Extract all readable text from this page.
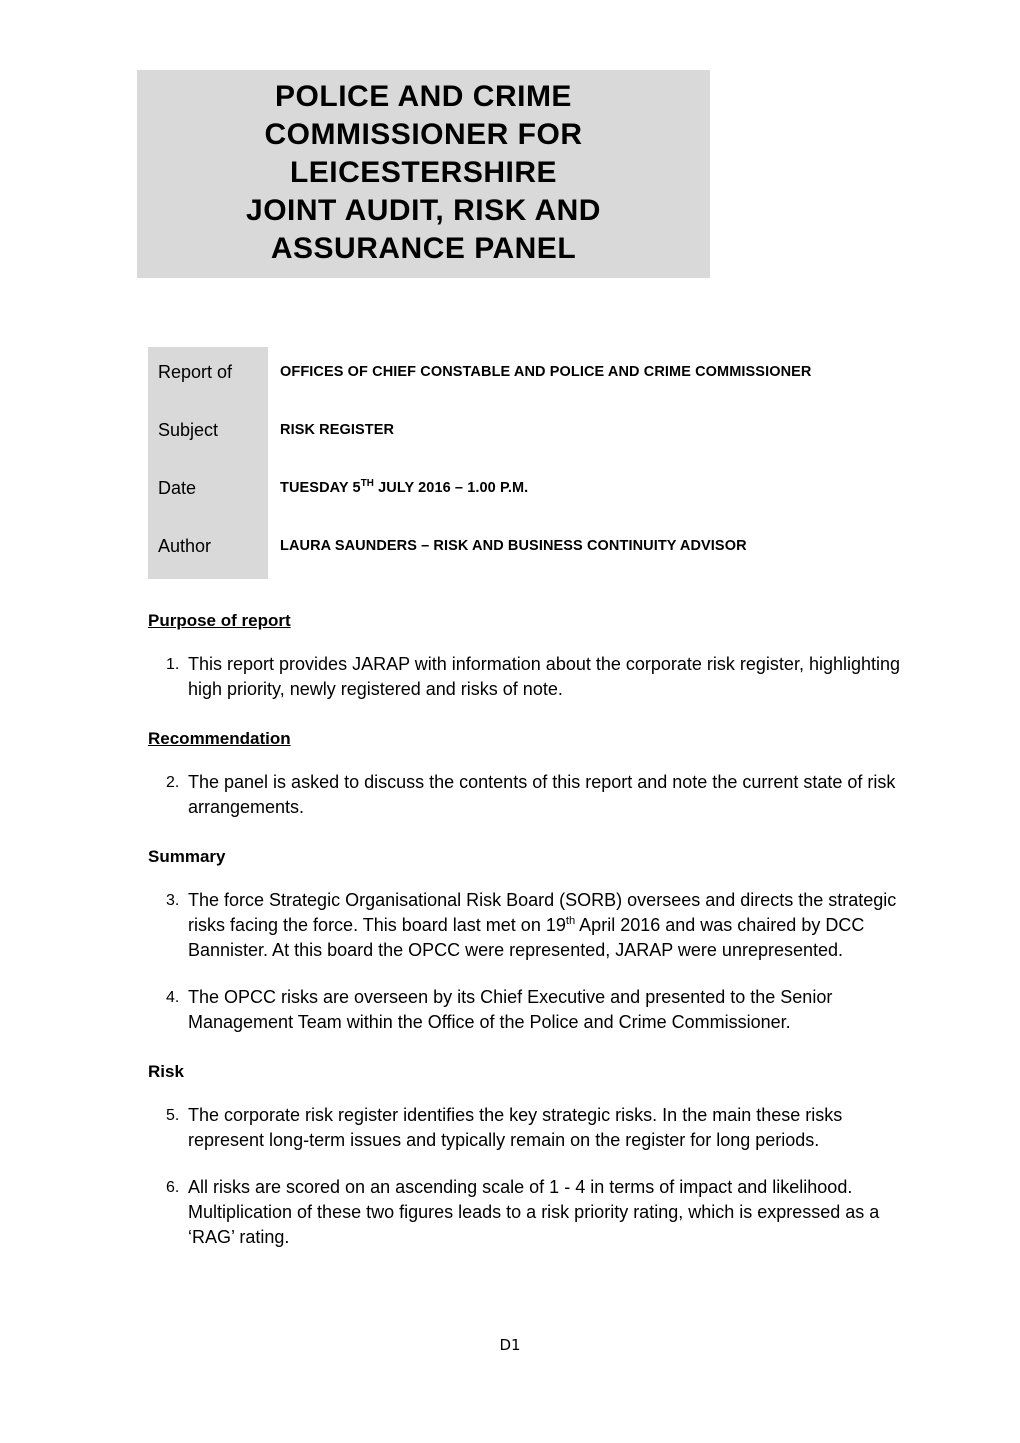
POLICE AND CRIME
COMMISSIONER FOR
LEICESTERSHIRE
JOINT AUDIT, RISK AND
ASSURANCE PANEL
Report of	OFFICES OF CHIEF CONSTABLE AND POLICE AND CRIME COMMISSIONER

Subject	RISK REGISTER

Date	TUESDAY 5TH JULY 2016 – 1.00 P.M.

Author	LAURA SAUNDERS – RISK AND BUSINESS CONTINUITY ADVISOR

Purpose of report
1. This report provides JARAP with information about the corporate risk register, highlighting high priority, newly registered and risks of note.
Recommendation
2. The panel is asked to discuss the contents of this report and note the current state of risk arrangements.
Summary
3. The force Strategic Organisational Risk Board (SORB) oversees and directs the strategic risks facing the force. This board last met on 19th April 2016 and was chaired by DCC Bannister. At this board the OPCC were represented, JARAP were unrepresented.
4. The OPCC risks are overseen by its Chief Executive and presented to the Senior Management Team within the Office of the Police and Crime Commissioner.
Risk
5. The corporate risk register identifies the key strategic risks. In the main these risks represent long-term issues and typically remain on the register for long periods.
6. All risks are scored on an ascending scale of 1 - 4 in terms of impact and likelihood. Multiplication of these two figures leads to a risk priority rating, which is expressed as a ‘RAG’ rating.
D1
